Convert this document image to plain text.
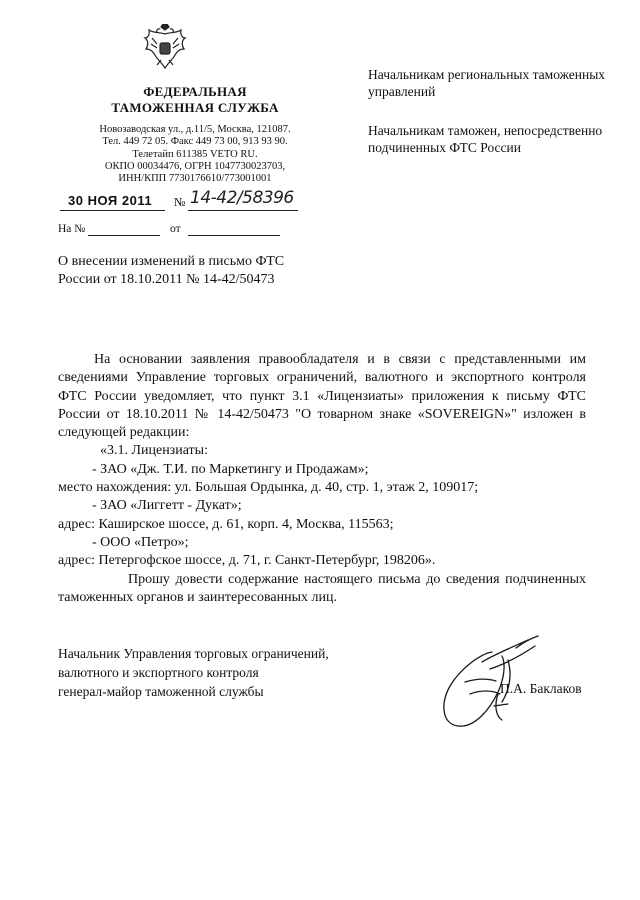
ФЕДЕРАЛЬНАЯ
ТАМОЖЕННАЯ СЛУЖБА
Новозаводская ул., д.11/5, Москва, 121087.
Тел. 449 72 05. Факс 449 73 00, 913 93 90.
Телетайп 611385 VETO RU.
ОКПО 00034476, ОГРН 1047730023703,
ИНН/КПП 7730176610/773001001
30 НОЯ 2011 № 14-42/58396
На №	от
О внесении изменений в письмо ФТС России от 18.10.2011 № 14-42/50473
Начальникам региональных таможенных управлений
Начальникам таможен, непосредственно подчиненных ФТС России
На основании заявления правообладателя и в связи с представленными им сведениями Управление торговых ограничений, валютного и экспортного контроля ФТС России уведомляет, что пункт 3.1 «Лицензиаты» приложения к письму ФТС России от 18.10.2011 № 14-42/50473 "О товарном знаке «SOVEREIGN»" изложен в следующей редакции:
«3.1. Лицензиаты:
- ЗАО «Дж. Т.И. по Маркетингу и Продажам»;
место нахождения: ул. Большая Ордынка, д. 40, стр. 1, этаж 2, 109017;
- ЗАО «Лиггетт - Дукат»;
адрес: Каширское шоссе, д. 61, корп. 4, Москва, 115563;
- ООО «Петро»;
адрес: Петергофское шоссе, д. 71, г. Санкт-Петербург, 198206».
Прошу довести содержание настоящего письма до сведения подчиненных таможенных органов и заинтересованных лиц.
Начальник Управления торговых ограничений,
валютного и экспортного контроля
генерал-майор таможенной службы	П.А. Баклаков
